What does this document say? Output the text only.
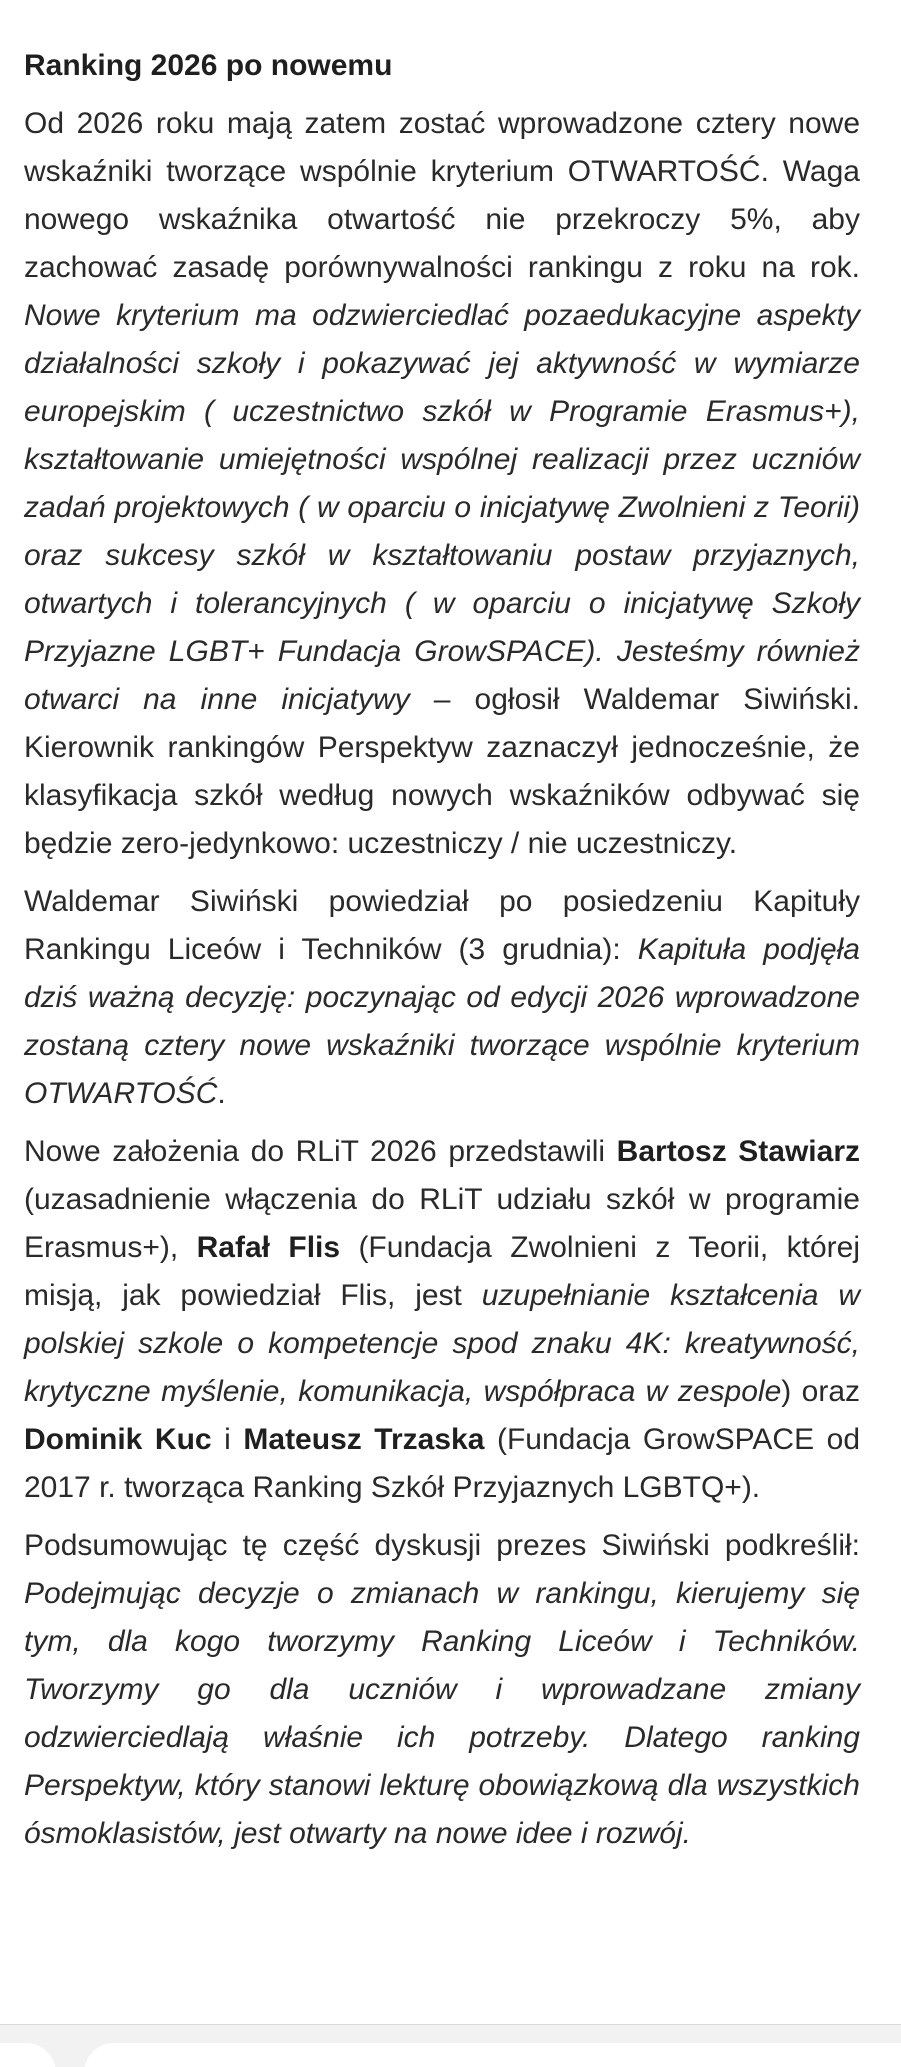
Ranking 2026 po nowemu

Od 2026 roku mają zatem zostać wprowadzone cztery nowe wskaźniki tworzące wspólnie kryterium OTWARTOŚĆ. Waga nowego wskaźnika otwartość nie przekroczy 5%, aby zachować zasadę porównywalności rankingu z roku na rok. Nowe kryterium ma odzwierciedlać pozaedukacyjne aspekty działalności szkoły i pokazywać jej aktywność w wymiarze europejskim ( uczestnictwo szkół w Programie Erasmus+), kształtowanie umiejętności wspólnej realizacji przez uczniów zadań projektowych ( w oparciu o inicjatywę Zwolnieni z Teorii) oraz sukcesy szkół w kształtowaniu postaw przyjaznych, otwartych i tolerancyjnych ( w oparciu o inicjatywę Szkoły Przyjazne LGBT+ Fundacja GrowSPACE). Jesteśmy również otwarci na inne inicjatywy – ogłosił Waldemar Siwiński. Kierownik rankingów Perspektyw zaznaczył jednocześnie, że klasyfikacja szkół według nowych wskaźników odbywać się będzie zero-jedynkowo: uczestniczy / nie uczestniczy.

Waldemar Siwiński powiedział po posiedzeniu Kapituły Rankingu Liceów i Techników (3 grudnia): Kapituła podjęła dziś ważną decyzję: poczynając od edycji 2026 wprowadzone zostaną cztery nowe wskaźniki tworzące wspólnie kryterium OTWARTOŚĆ.

Nowe założenia do RLiT 2026 przedstawili Bartosz Stawiarz (uzasadnienie włączenia do RLiT udziału szkół w programie Erasmus+), Rafał Flis (Fundacja Zwolnieni z Teorii, której misją, jak powiedział Flis, jest uzupełnianie kształcenia w polskiej szkole o kompetencje spod znaku 4K: kreatywność, krytyczne myślenie, komunikacja, współpraca w zespole) oraz Dominik Kuc i Mateusz Trzaska (Fundacja GrowSPACE od 2017 r. tworząca Ranking Szkół Przyjaznych LGBTQ+).

Podsumowując tę część dyskusji prezes Siwiński podkreślił: Podejmując decyzje o zmianach w rankingu, kierujemy się tym, dla kogo tworzymy Ranking Liceów i Techników. Tworzymy go dla uczniów i wprowadzane zmiany odzwierciedlają właśnie ich potrzeby. Dlatego ranking Perspektyw, który stanowi lekturę obowiązkową dla wszystkich ósmoklasistów, jest otwarty na nowe idee i rozwój.
